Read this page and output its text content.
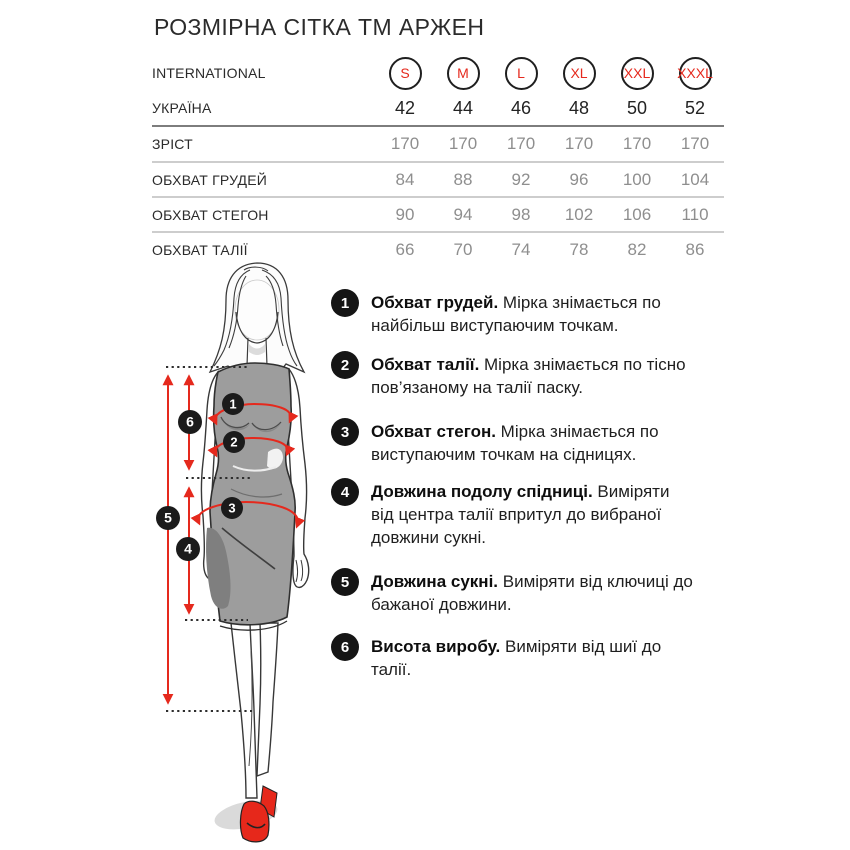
РОЗМІРНА СІТКА ТМ АРЖЕН
INTERNATIONAL	S	M	L	XL	XXL	XXXL
УКРАЇНА	42	44	46	48	50	52
ЗРІСТ	170	170	170	170	170	170
ОБХВАТ ГРУДЕЙ	84	88	92	96	100	104
ОБХВАТ СТЕГОН	90	94	98	102	106	110
ОБХВАТ ТАЛІЇ	66	70	74	78	82	86
1
2
3
6
5
4
1	Обхват грудей. Мірка знімається по найбільш виступаючим точкам.
2	Обхват талії. Мірка знімається по тісно пов’язаному на талії паску.
3	Обхват стегон. Мірка знімається по виступаючим точкам на сідницях.
4	Довжина подолу спідниці. Виміряти від центра талії впритул до вибраної довжини сукні.
5	Довжина сукні. Виміряти від ключиці до бажаної довжини.
6	Висота виробу. Виміряти від шиї до талії.
